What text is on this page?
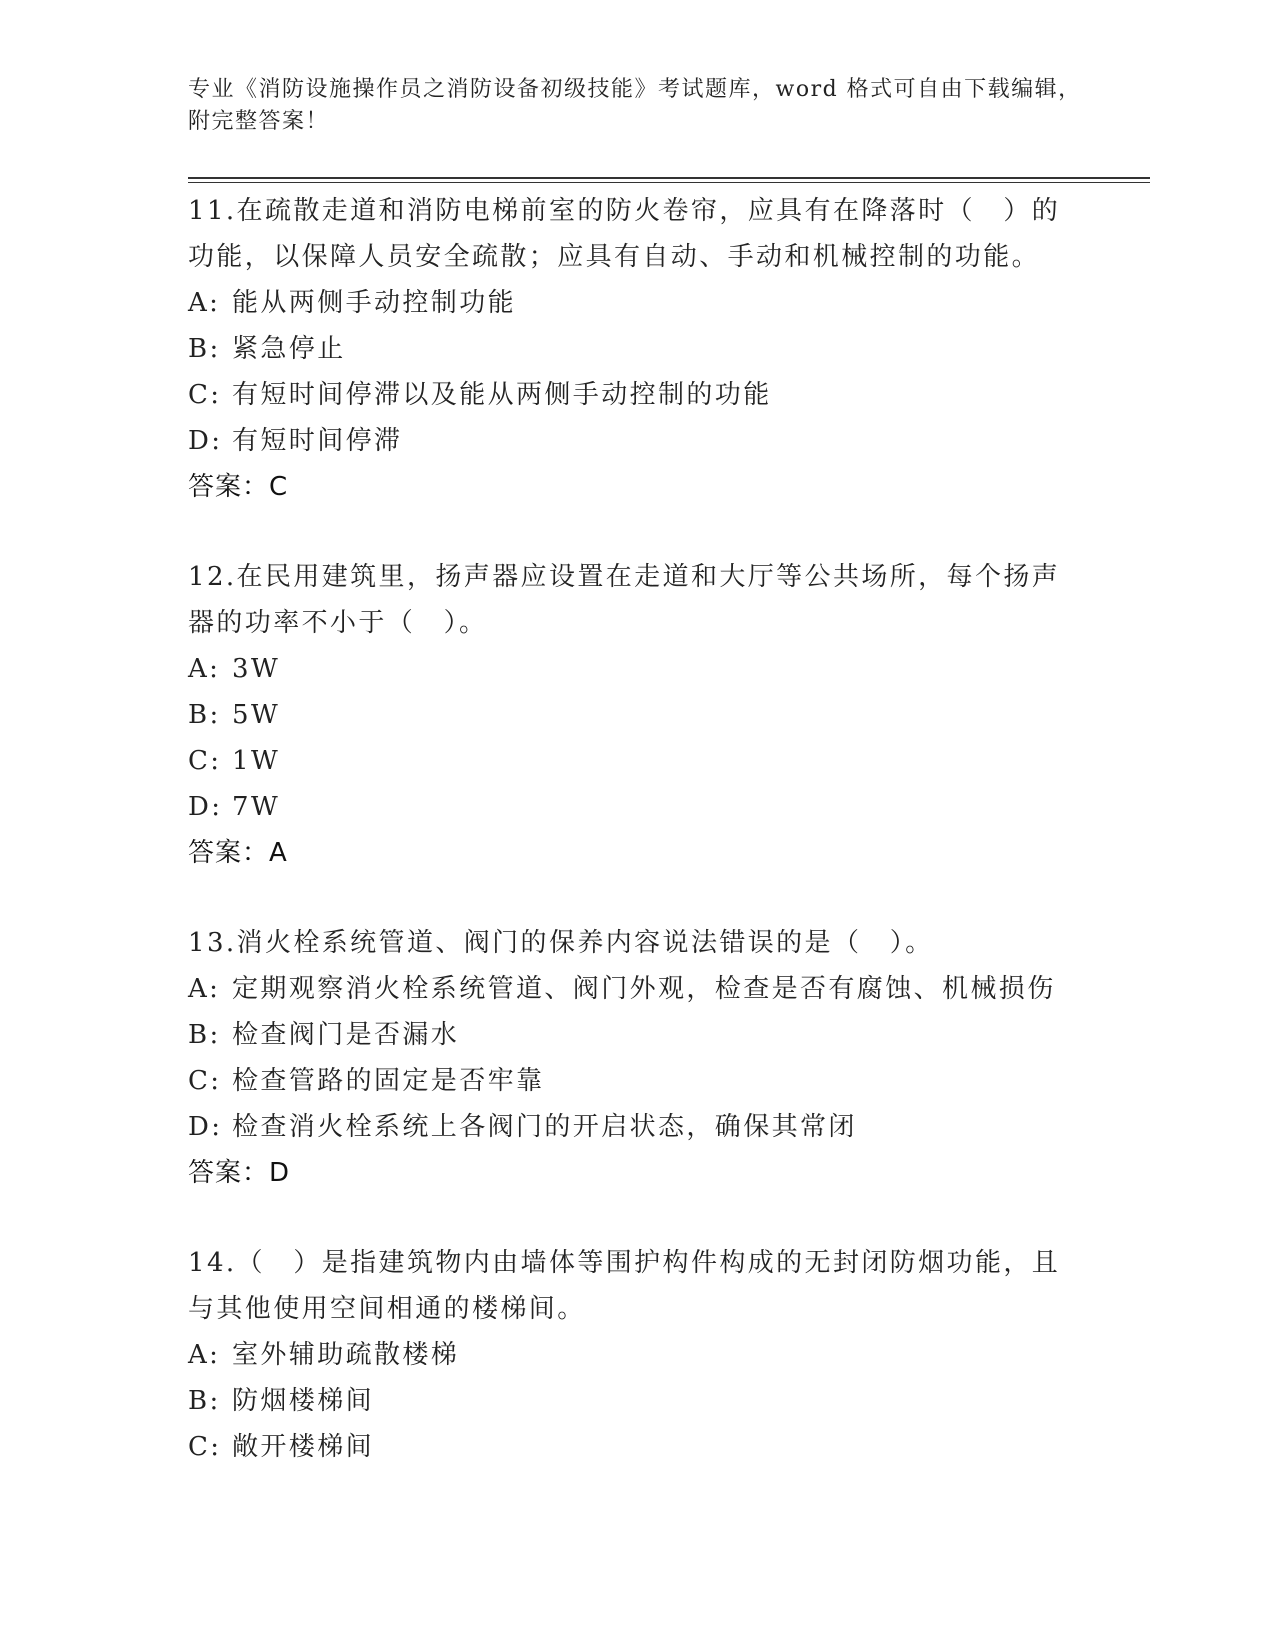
专业《消防设施操作员之消防设备初级技能》考试题库，word 格式可自由下载编辑，附完整答案！

11.在疏散走道和消防电梯前室的防火卷帘，应具有在降落时（　）的功能，以保障人员安全疏散；应具有自动、手动和机械控制的功能。

A: 能从两侧手动控制功能

B: 紧急停止

C: 有短时间停滞以及能从两侧手动控制的功能

D: 有短时间停滞

答案：C

12.在民用建筑里，扬声器应设置在走道和大厅等公共场所，每个扬声器的功率不小于（　）。

A: 3W

B: 5W

C: 1W

D: 7W

答案：A

13.消火栓系统管道、阀门的保养内容说法错误的是（　）。

A: 定期观察消火栓系统管道、阀门外观，检查是否有腐蚀、机械损伤

B: 检查阀门是否漏水

C: 检查管路的固定是否牢靠

D: 检查消火栓系统上各阀门的开启状态，确保其常闭

答案：D

14.（　）是指建筑物内由墙体等围护构件构成的无封闭防烟功能，且与其他使用空间相通的楼梯间。

A: 室外辅助疏散楼梯

B: 防烟楼梯间

C: 敞开楼梯间
